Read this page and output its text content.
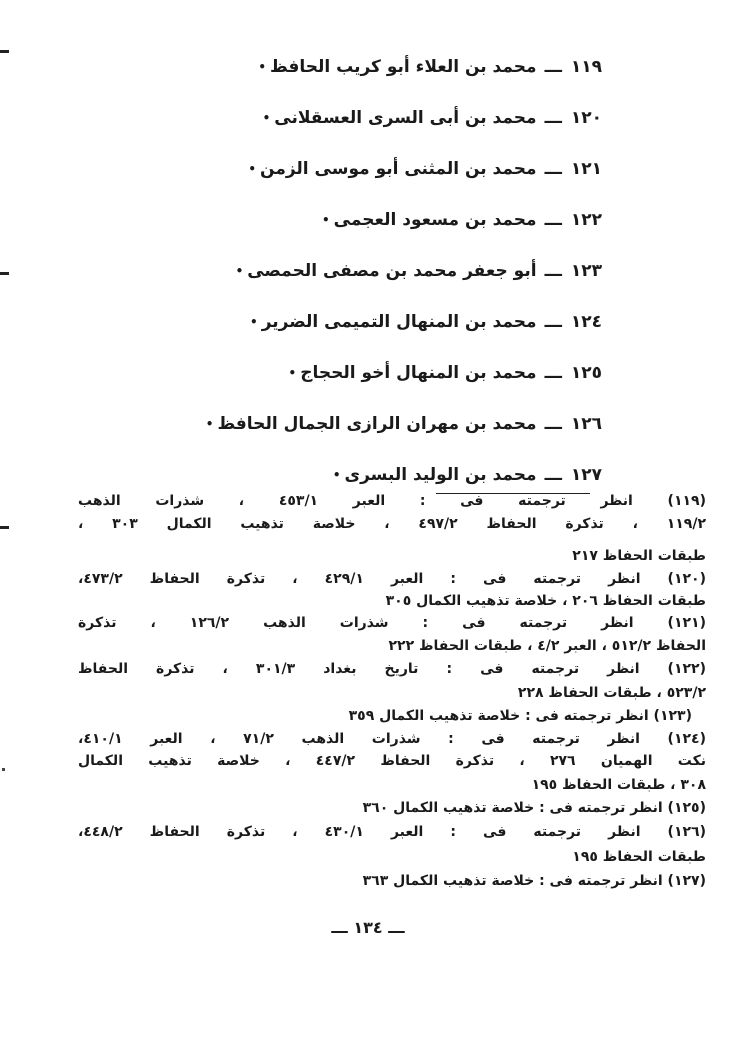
١١٩ـــمحمد بن العلاء أبو كريب الحافظ•
١٢٠ـــمحمد بن أبى السرى العسقلانى•
١٢١ـــمحمد بن المثنى أبو موسى الزمن•
١٢٢ـــمحمد بن مسعود العجمى•
١٢٣ـــأبو جعفر محمد بن مصفى الحمصى•
١٢٤ـــمحمد بن المنهال التميمى الضرير•
١٢٥ـــمحمد بن المنهال أخو الحجاج•
١٢٦ـــمحمد بن مهران الرازى الجمال الحافظ•
١٢٧ـــمحمد بن الوليد البسرى•
(١١٩) انظر ترجمته فى : العبر ٤٥٣/١ ، شذرات الذهب
١١٩/٢ ، تذكرة الحفاظ ٤٩٧/٢ ، خلاصة تذهيب الكمال ٣٠٣ ،
طبقات الحفاظ ٢١٧
(١٢٠) انظر ترجمته فى : العبر ٤٢٩/١ ، تذكرة الحفاظ ٤٧٣/٢،
طبقات الحفاظ ٢٠٦ ، خلاصة تذهيب الكمال ٣٠٥
(١٢١) انظر ترجمته فى : شذرات الذهب ١٢٦/٢ ، تذكرة
الحفاظ ٥١٢/٢ ، العبر ٤/٢ ، طبقات الحفاظ ٢٢٢
(١٢٢) انظر ترجمته فى : تاريخ بغداد ٣٠١/٣ ، تذكرة الحفاظ
٥٢٣/٢ ، طبقات الحفاظ ٢٢٨
(١٢٣) انظر ترجمته فى : خلاصة تذهيب الكمال ٣٥٩
(١٢٤) انظر ترجمته فى : شذرات الذهب ٧١/٢ ، العبر ٤١٠/١،
نكت الهميان ٢٧٦ ، تذكرة الحفاظ ٤٤٧/٢ ، خلاصة تذهيب الكمال
٣٠٨ ، طبقات الحفاظ ١٩٥
(١٢٥) انظر ترجمته فى : خلاصة تذهيب الكمال ٣٦٠
(١٢٦) انظر ترجمته فى : العبر ٤٣٠/١ ، تذكرة الحفاظ ٤٤٨/٢،
طبقات الحفاظ ١٩٥
(١٢٧) انظر ترجمته فى : خلاصة تذهيب الكمال ٣٦٣
ـــ ١٣٤ ـــ
